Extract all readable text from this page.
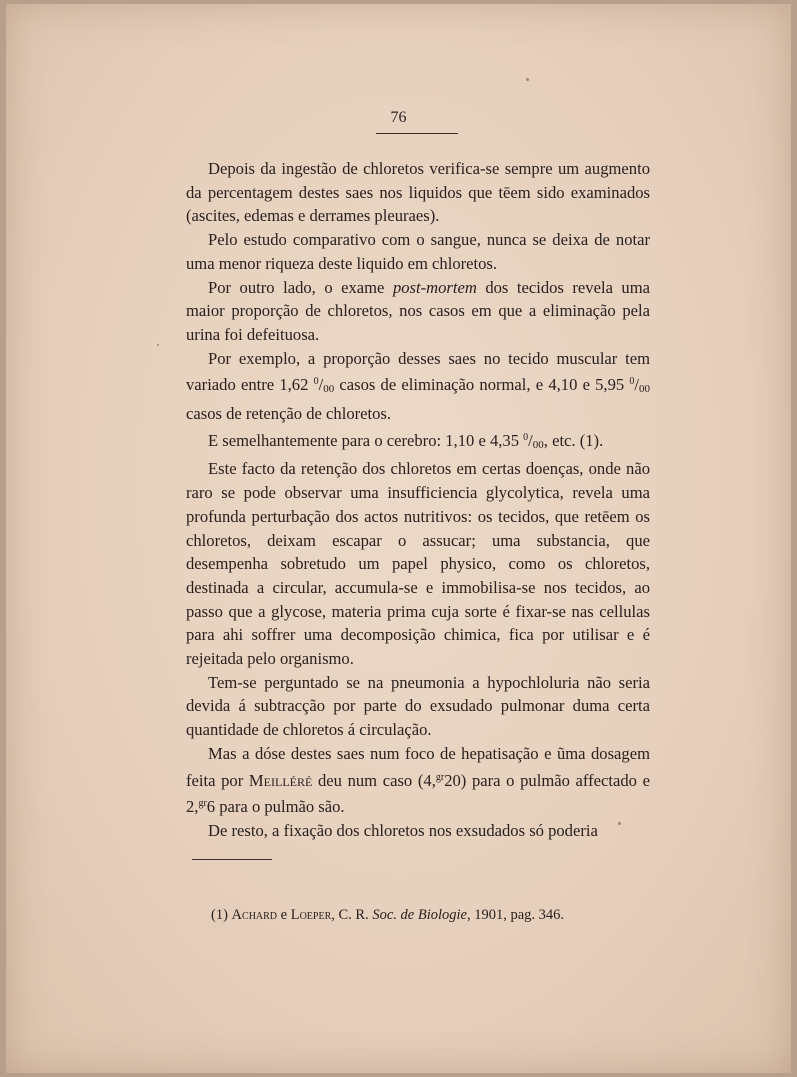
76

Depois da ingestão de chloretos verifica-se sempre um augmento da percentagem destes saes nos liquidos que tēem sido examinados (ascites, edemas e derrames pleuraes).

Pelo estudo comparativo com o sangue, nunca se deixa de notar uma menor riqueza deste liquido em chloretos.

Por outro lado, o exame post-mortem dos tecidos revela uma maior proporção de chloretos, nos casos em que a eliminação pela urina foi defeituosa.

Por exemplo, a proporção desses saes no tecido muscular tem variado entre 1,62 $^0$/00 casos de eliminação normal, e 4,10 e 5,95 $^0$/00 casos de retenção de chloretos.

E semelhantemente para o cerebro: 1,10 e 4,35 $^0$/00, etc. (1).

Este facto da retenção dos chloretos em certas doenças, onde não raro se pode observar uma insufficiencia glycolytica, revela uma profunda perturbação dos actos nutritivos: os tecidos, que retēem os chloretos, deixam escapar o assucar; uma substancia, que desempenha sobretudo um papel physico, como os chloretos, destinada a circular, accumula-se e immobilisa-se nos tecidos, ao passo que a glycose, materia prima cuja sorte é fixar-se nas cellulas para ahi soffrer uma decomposição chimica, fica por utilisar e é rejeitada pelo organismo.

Tem-se perguntado se na pneumonia a hypochloluria não seria devida á subtracção por parte do exsudado pulmonar duma certa quantidade de chloretos á circulação.

Mas a dóse destes saes num foco de hepatisação e ũma dosagem feita por Meilléré deu num caso (4,$^{gr}$20) para o pulmão affectado e 2,$^{gr}$6 para o pulmão são.

De resto, a fixação dos chloretos nos exsudados só poderia

(1) Achard e Loeper, C. R. Soc. de Biologie, 1901, pag. 346.
